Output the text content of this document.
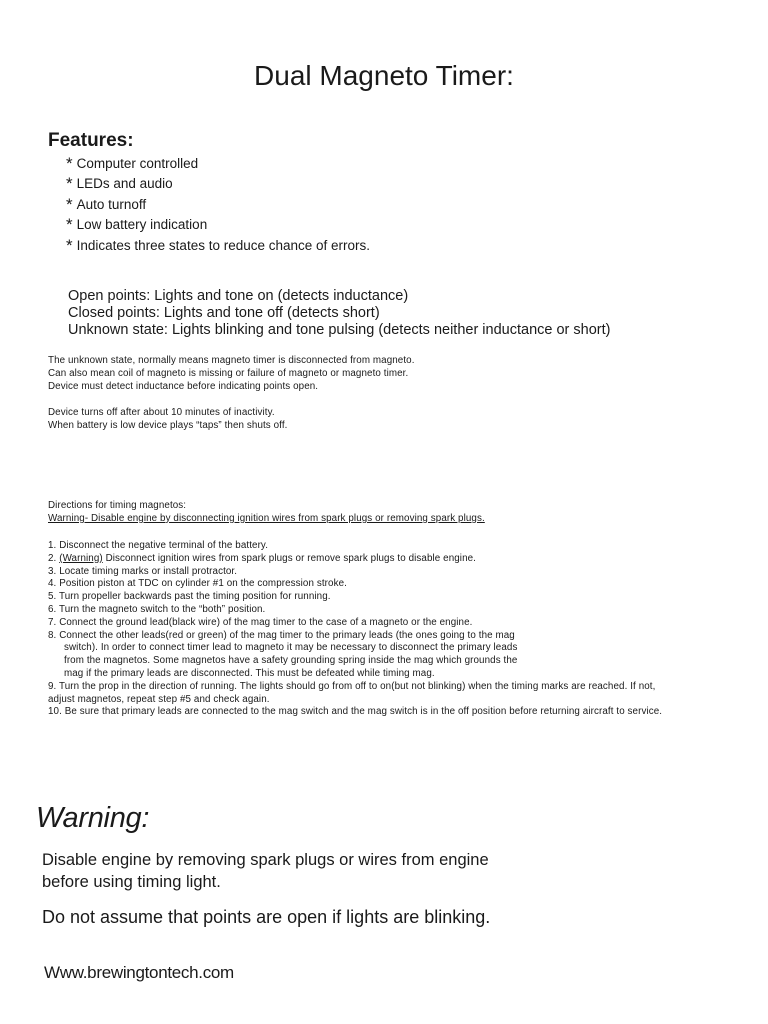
Dual Magneto Timer:
Features:
* Computer controlled
* LEDs and audio
* Auto turnoff
* Low battery indication
* Indicates three states to reduce chance of errors.
Open points: Lights and tone on (detects inductance)
Closed points: Lights and tone off (detects short)
Unknown state: Lights blinking and tone pulsing (detects neither inductance or short)
The unknown state, normally means magneto timer is disconnected from magneto.
Can also mean coil of magneto is missing or failure of magneto or magneto timer.
Device must detect inductance before indicating points open.
Device turns off after about 10 minutes of inactivity.
When battery is low device plays “taps” then shuts off.
Directions for timing magnetos:
Warning- Disable engine by disconnecting ignition wires from spark plugs or removing spark plugs.
1. Disconnect the negative terminal of the battery.
2. (Warning) Disconnect ignition wires from spark plugs or remove spark plugs to disable engine.
3. Locate timing marks or install protractor.
4. Position piston at TDC on cylinder #1 on the compression stroke.
5. Turn propeller backwards past the timing position for running.
6. Turn the magneto switch to the “both” position.
7. Connect the ground lead(black wire) of the mag timer to the case of a magneto or the engine.
8. Connect the other leads(red or green) of the mag timer to the primary leads (the ones going to the mag
switch). In order to connect timer lead to magneto it may be necessary to disconnect the primary leads
from the magnetos. Some magnetos have a safety grounding spring inside the mag which grounds the
mag if the primary leads are disconnected. This must be defeated while timing mag.
9. Turn the prop in the direction of running. The lights should go from off to on(but not blinking) when the timing marks are reached. If not,
adjust magnetos, repeat step #5 and check again.
10. Be sure that primary leads are connected to the mag switch and the mag switch is in the off position before returning aircraft to service.
Warning:
Disable engine by removing spark plugs or wires from engine
before using timing light.
Do not assume that points are open if lights are blinking.
Www.brewingtontech.com
